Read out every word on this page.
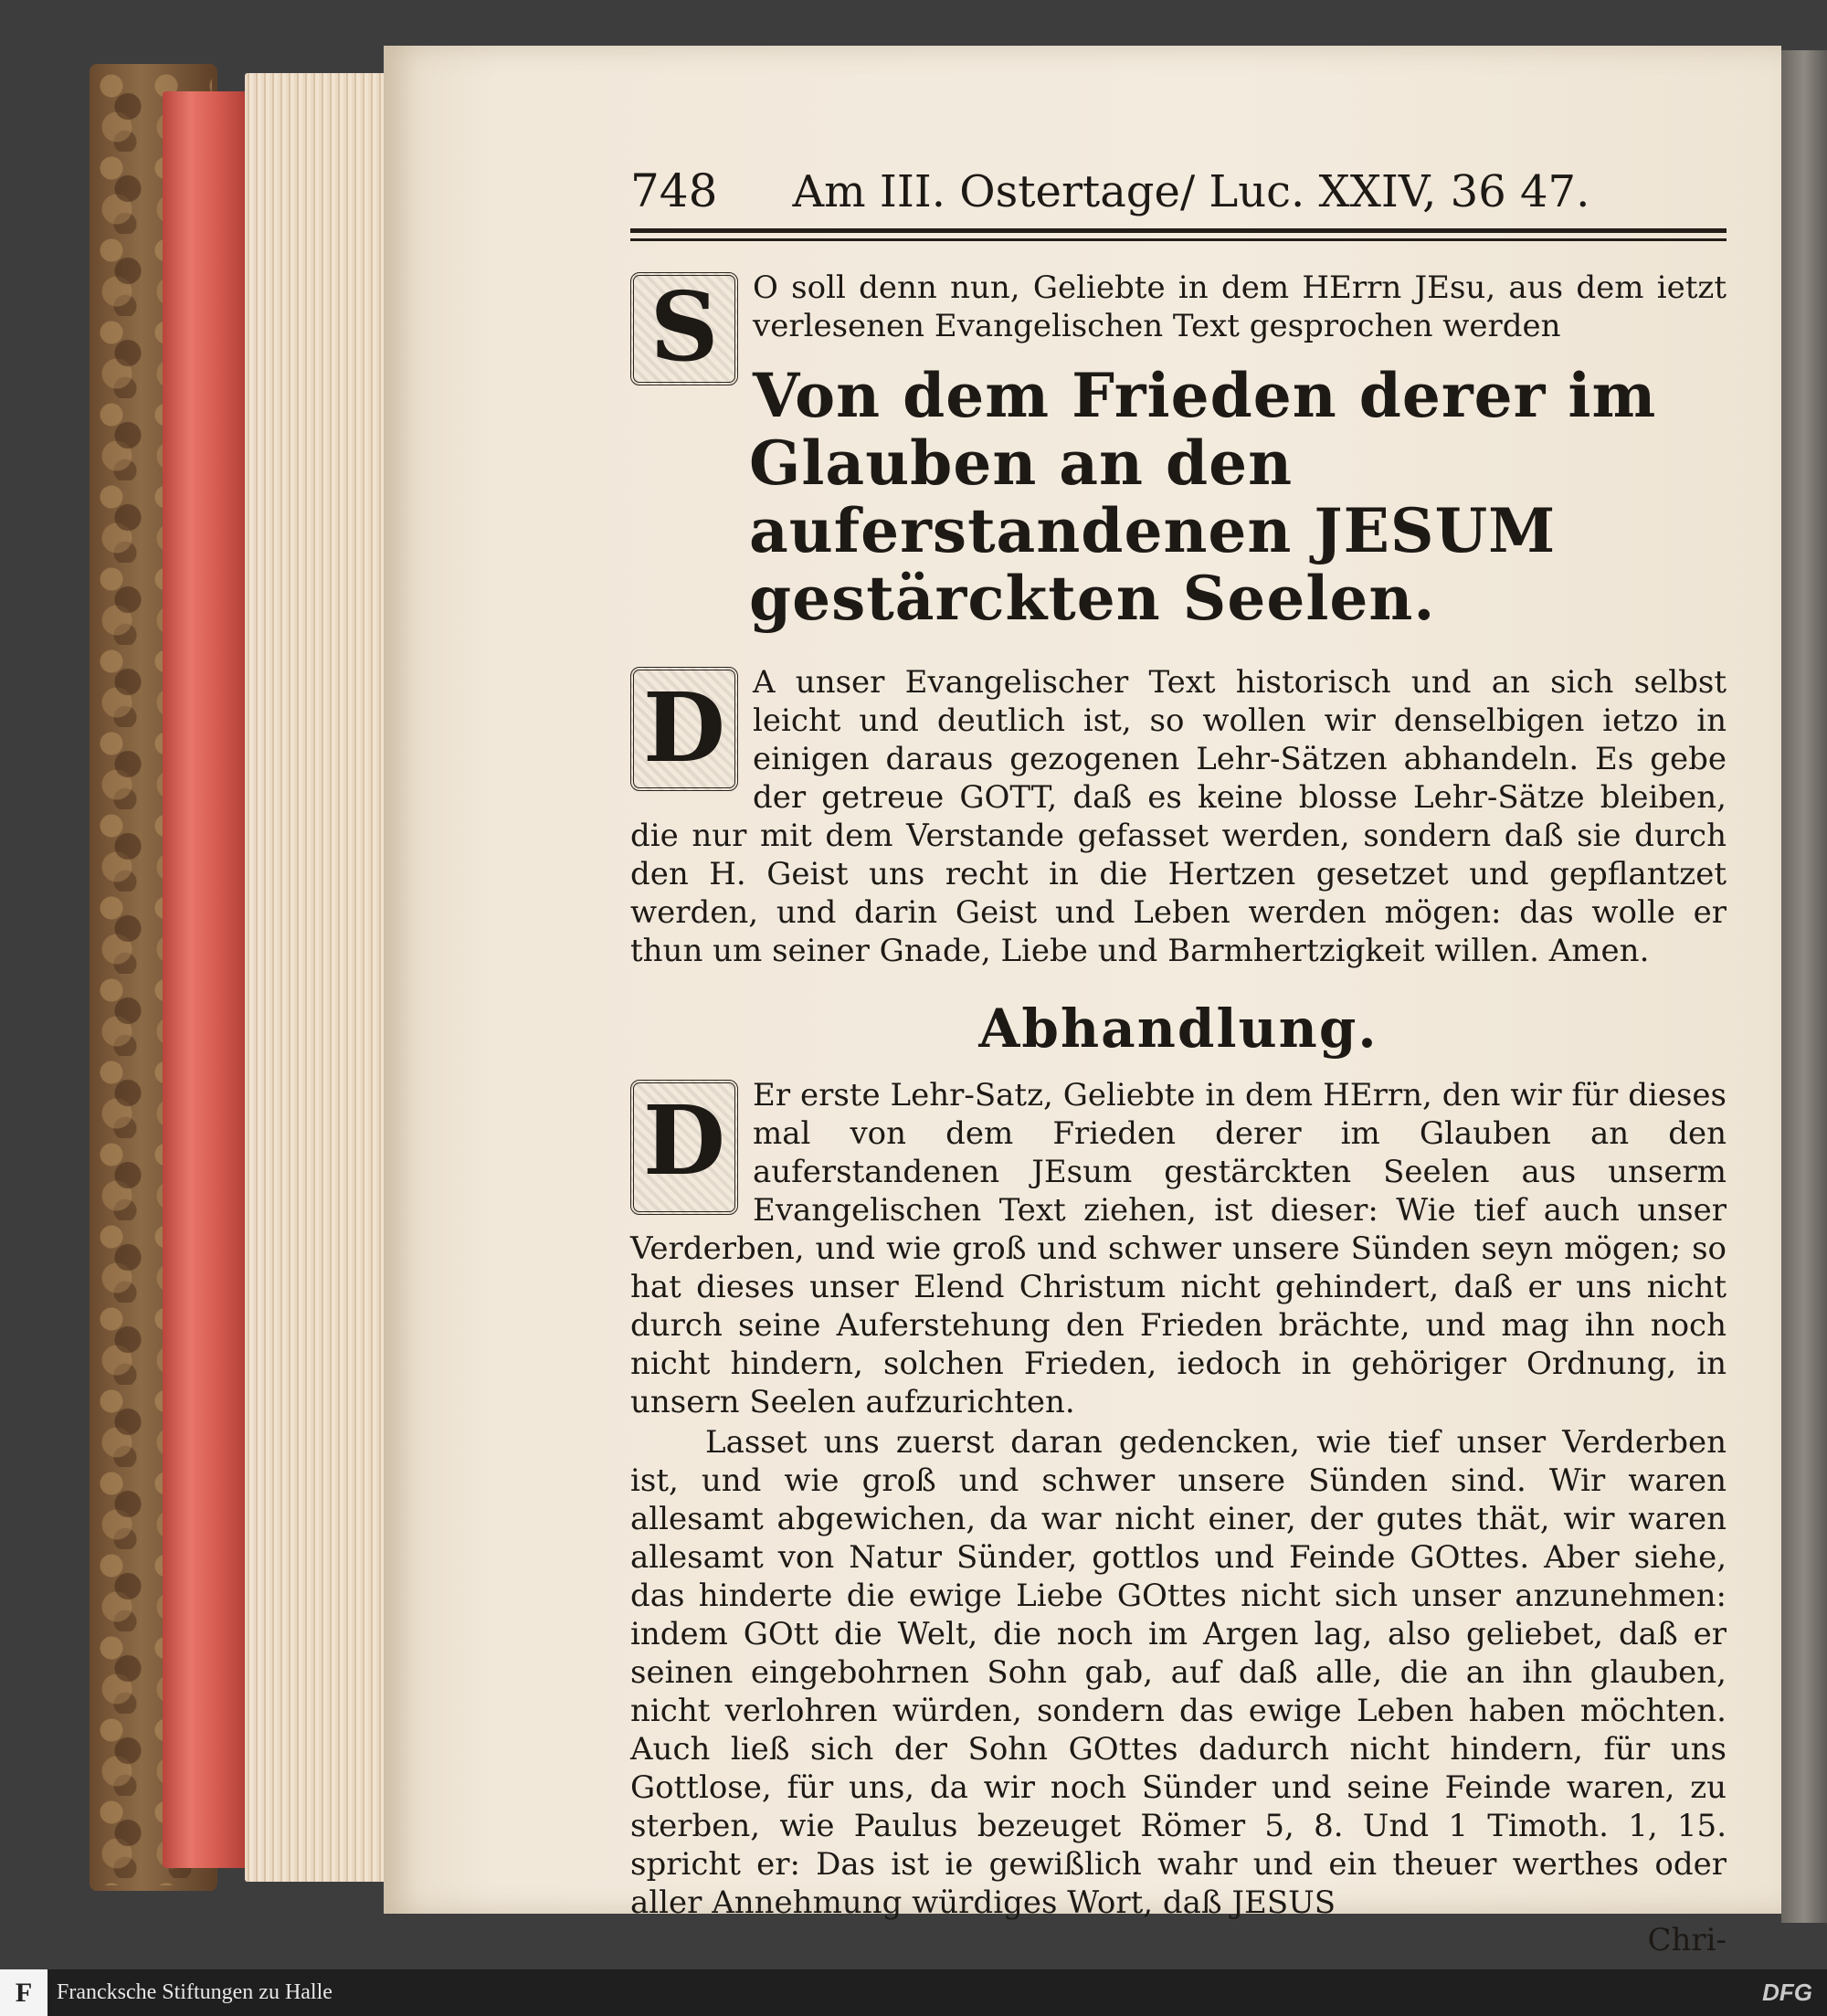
748	Am III. Ostertage/ Luc. XXIV, 36 47.
S	O soll denn nun, Geliebte in dem HErrn JEsu, aus dem ietzt verlesenen Evangelischen Text gesprochen werden
Von dem Frieden derer im Glauben an den auferstandenen JESUM gestärckten Seelen.
D A unser Evangelischer Text historisch und an sich selbst leicht und deutlich ist, so wollen wir denselbigen ietzo in einigen daraus gezogenen Lehr-Sätzen abhandeln. Es gebe der getreue GOTT, daß es keine blosse Lehr-Sätze bleiben, die nur mit dem Verstande gefasset werden, sondern daß sie durch den H. Geist uns recht in die Hertzen gesetzet und gepflantzet werden, und darin Geist und Leben werden mögen: das wolle er thun um seiner Gnade, Liebe und Barmhertzigkeit willen. Amen.
Abhandlung.
D Er erste Lehr-Satz, Geliebte in dem HErrn, den wir für dieses mal von dem Frieden derer im Glauben an den auferstandenen JEsum gestärckten Seelen aus unserm Evangelischen Text ziehen, ist dieser: Wie tief auch unser Verderben, und wie groß und schwer unsere Sünden seyn mögen; so hat dieses unser Elend Christum nicht gehindert, daß er uns nicht durch seine Auferstehung den Frieden brächte, und mag ihn noch nicht hindern, solchen Frieden, iedoch in gehöriger Ordnung, in unsern Seelen aufzurichten.
Lasset uns zuerst daran gedencken, wie tief unser Verderben ist, und wie groß und schwer unsere Sünden sind. Wir waren allesamt abgewichen, da war nicht einer, der gutes thät, wir waren allesamt von Natur Sünder, gottlos und Feinde GOttes. Aber siehe, das hinderte die ewige Liebe GOttes nicht sich unser anzunehmen: indem GOtt die Welt, die noch im Argen lag, also geliebet, daß er seinen eingebohrnen Sohn gab, auf daß alle, die an ihn glauben, nicht verlohren würden, sondern das ewige Leben haben möchten. Auch ließ sich der Sohn GOttes dadurch nicht hindern, für uns Gottlose, für uns, da wir noch Sünder und seine Feinde waren, zu sterben, wie Paulus bezeuget Römer 5, 8. Und 1 Timoth. 1, 15. spricht er: Das ist ie gewißlich wahr und ein theuer werthes oder aller Annehmung würdiges Wort, daß JESUS
Chri-
F Francksche Stiftungen zu Halle	DFG
